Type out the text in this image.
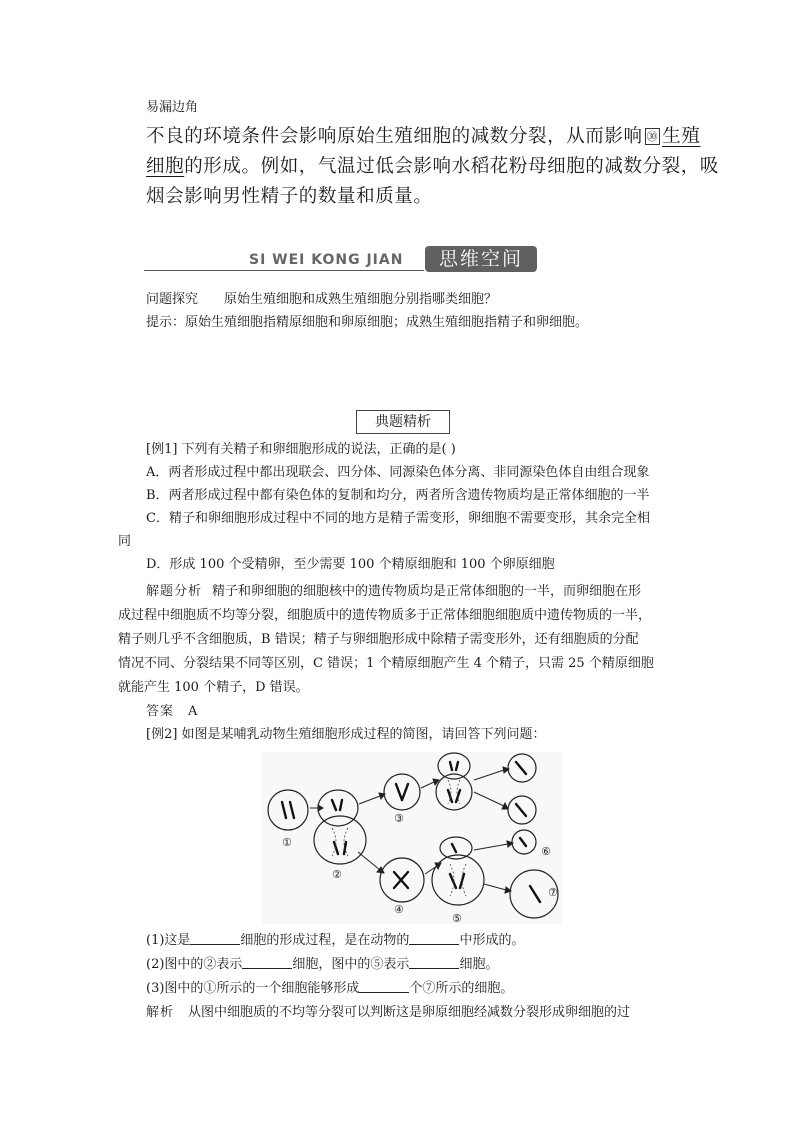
易漏边角
不良的环境条件会影响原始生殖细胞的减数分裂，从而影响 ㉚ 生殖
细胞的形成。例如，气温过低会影响水稻花粉母细胞的减数分裂，吸
烟会影响男性精子的数量和质量。
SI WEI KONG JIAN	思维空间
问题探究 原始生殖细胞和成熟生殖细胞分别指哪类细胞？
提示：原始生殖细胞指精原细胞和卵原细胞；成熟生殖细胞指精子和卵细胞。
典题精析
[例1] 下列有关精子和卵细胞形成的说法，正确的是( )
A．两者形成过程中都出现联会、四分体、同源染色体分离、非同源染色体自由组合现象
B．两者形成过程中都有染色体的复制和均分，两者所含遗传物质均是正常体细胞的一半
C．精子和卵细胞形成过程中不同的地方是精子需变形，卵细胞不需要变形，其余完全相
同
D．形成 100 个受精卵，至少需要 100 个精原细胞和 100 个卵原细胞
解题分析 精子和卵细胞的细胞核中的遗传物质均是正常体细胞的一半，而卵细胞在形
成过程中细胞质不均等分裂，细胞质中的遗传物质多于正常体细胞细胞质中遗传物质的一半，
精子则几乎不含细胞质，B 错误；精子与卵细胞形成中除精子需变形外，还有细胞质的分配
情况不同、分裂结果不同等区别，C 错误；1 个精原细胞产生 4 个精子，只需 25 个精原细胞
就能产生 100 个精子，D 错误。
答案 A
[例2] 如图是某哺乳动物生殖细胞形成过程的简图，请回答下列问题：
①
②
③
④
⑤
⑥
⑦
(1)这是	细胞的形成过程，是在动物的	中形成的。
(2)图中的②表示	细胞，图中的⑤表示	细胞。
(3)图中的①所示的一个细胞能够形成	个⑦所示的细胞。
解析 从图中细胞质的不均等分裂可以判断这是卵原细胞经减数分裂形成卵细胞的过
